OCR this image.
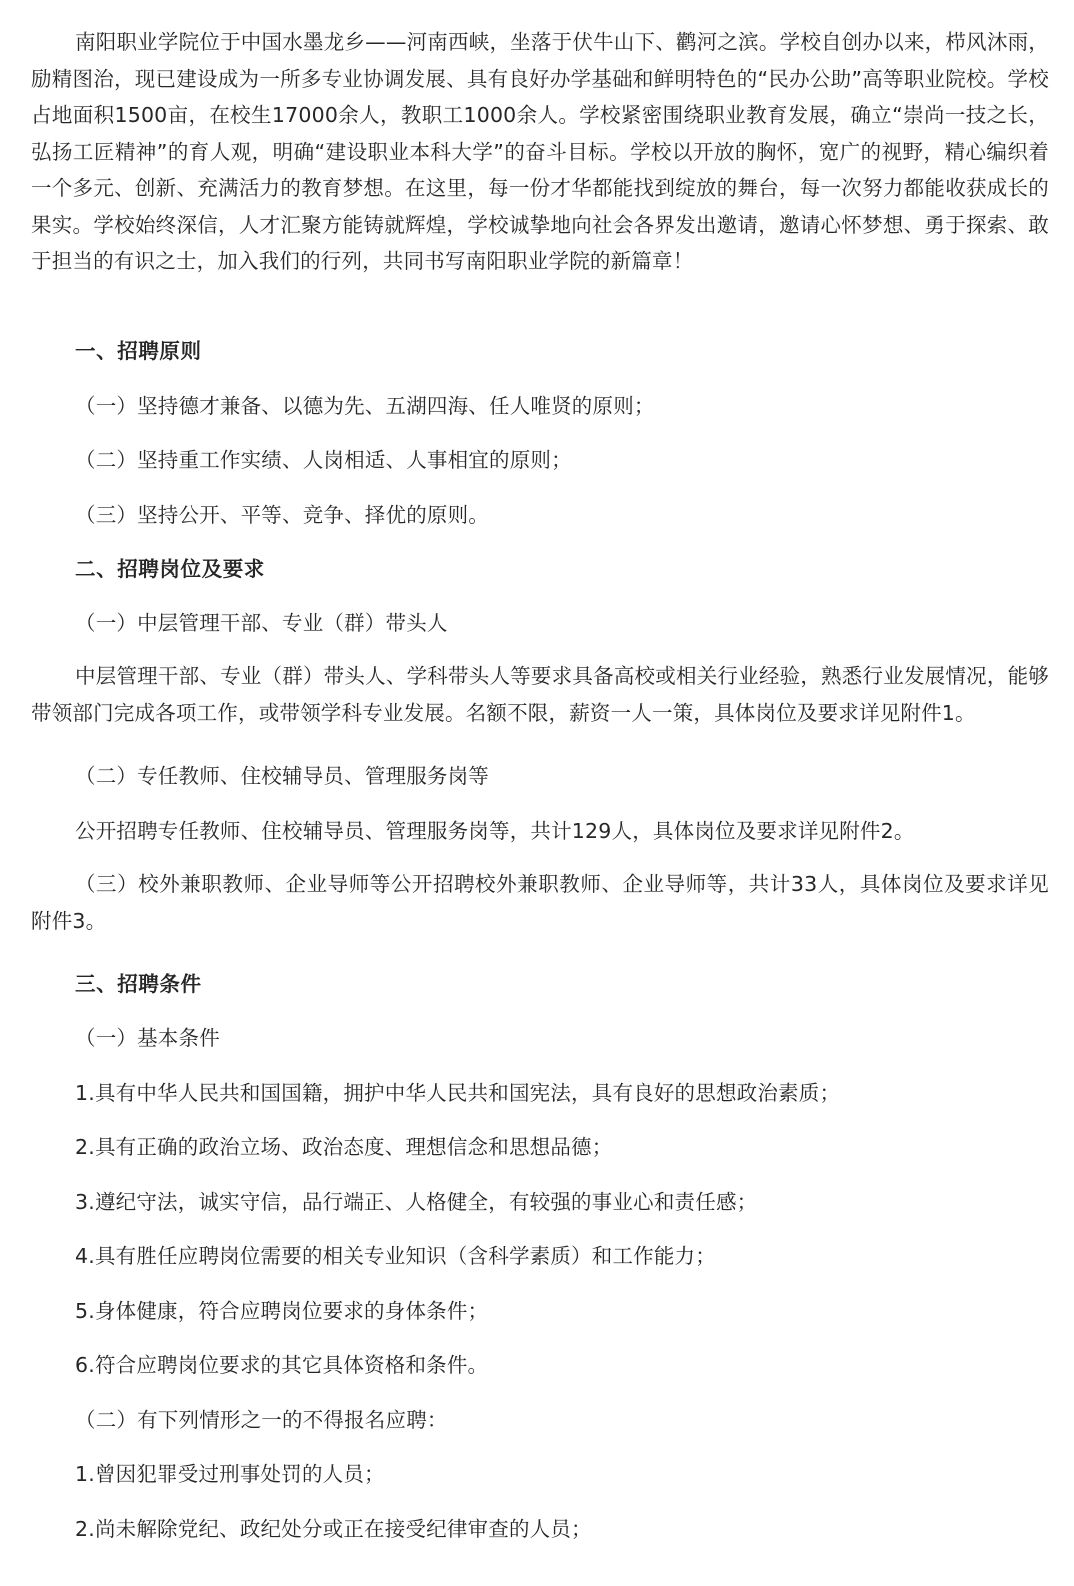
南阳职业学院位于中国水墨龙乡——河南西峡，坐落于伏牛山下、鹳河之滨。学校自创办以来，栉风沐雨，励精图治，现已建设成为一所多专业协调发展、具有良好办学基础和鲜明特色的“民办公助”高等职业院校。学校占地面积1500亩，在校生17000余人，教职工1000余人。学校紧密围绕职业教育发展，确立“崇尚一技之长，弘扬工匠精神”的育人观，明确“建设职业本科大学”的奋斗目标。学校以开放的胸怀，宽广的视野，精心编织着一个多元、创新、充满活力的教育梦想。在这里，每一份才华都能找到绽放的舞台，每一次努力都能收获成长的果实。学校始终深信，人才汇聚方能铸就辉煌，学校诚挚地向社会各界发出邀请，邀请心怀梦想、勇于探索、敢于担当的有识之士，加入我们的行列，共同书写南阳职业学院的新篇章！

一、招聘原则

（一）坚持德才兼备、以德为先、五湖四海、任人唯贤的原则；

（二）坚持重工作实绩、人岗相适、人事相宜的原则；

（三）坚持公开、平等、竞争、择优的原则。

二、招聘岗位及要求

（一）中层管理干部、专业（群）带头人

中层管理干部、专业（群）带头人、学科带头人等要求具备高校或相关行业经验，熟悉行业发展情况，能够带领部门完成各项工作，或带领学科专业发展。名额不限，薪资一人一策，具体岗位及要求详见附件1。

（二）专任教师、住校辅导员、管理服务岗等

公开招聘专任教师、住校辅导员、管理服务岗等，共计129人，具体岗位及要求详见附件2。

（三）校外兼职教师、企业导师等公开招聘校外兼职教师、企业导师等，共计33人，具体岗位及要求详见附件3。

三、招聘条件

（一）基本条件

1.具有中华人民共和国国籍，拥护中华人民共和国宪法，具有良好的思想政治素质；

2.具有正确的政治立场、政治态度、理想信念和思想品德；

3.遵纪守法，诚实守信，品行端正、人格健全，有较强的事业心和责任感；

4.具有胜任应聘岗位需要的相关专业知识（含科学素质）和工作能力；

5.身体健康，符合应聘岗位要求的身体条件；

6.符合应聘岗位要求的其它具体资格和条件。

（二）有下列情形之一的不得报名应聘：

1.曾因犯罪受过刑事处罚的人员；

2.尚未解除党纪、政纪处分或正在接受纪律审查的人员；
